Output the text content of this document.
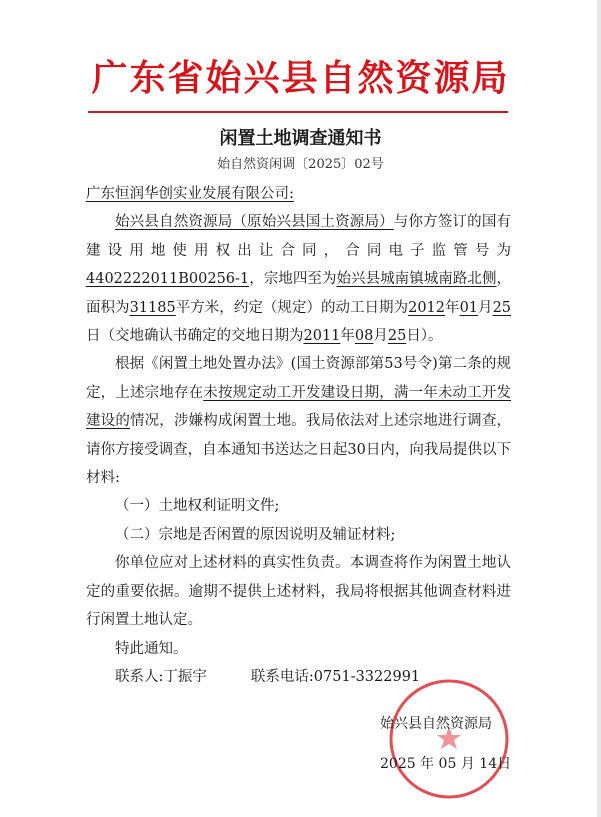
广东省始兴县自然资源局
闲置土地调查通知书
始自然资闲调〔2025〕02号

广东恒润华创实业发展有限公司:

始兴县自然资源局（原始兴县国土资源局）与你方签订的国有建设用地使用权出让合同，合同电子监管号为4402222011B00256-1，宗地四至为始兴县城南镇城南路北侧，面积为31185平方米，约定（规定）的动工日期为2012年01月25日（交地确认书确定的交地日期为2011年08月25日）。

根据《闲置土地处置办法》(国土资源部第53号令)第二条的规定，上述宗地存在未按规定动工开发建设日期，满一年未动工开发建设的情况，涉嫌构成闲置土地。我局依法对上述宗地进行调查，请你方接受调查，自本通知书送达之日起30日内，向我局提供以下材料:

（一）土地权利证明文件;

（二）宗地是否闲置的原因说明及辅证材料;

你单位应对上述材料的真实性负责。本调查将作为闲置土地认定的重要依据。逾期不提供上述材料，我局将根据其他调查材料进行闲置土地认定。

特此通知。

联系人:丁振宇	联系电话:0751-3322991

始兴县自然资源局
2025 年 05 月 14日
